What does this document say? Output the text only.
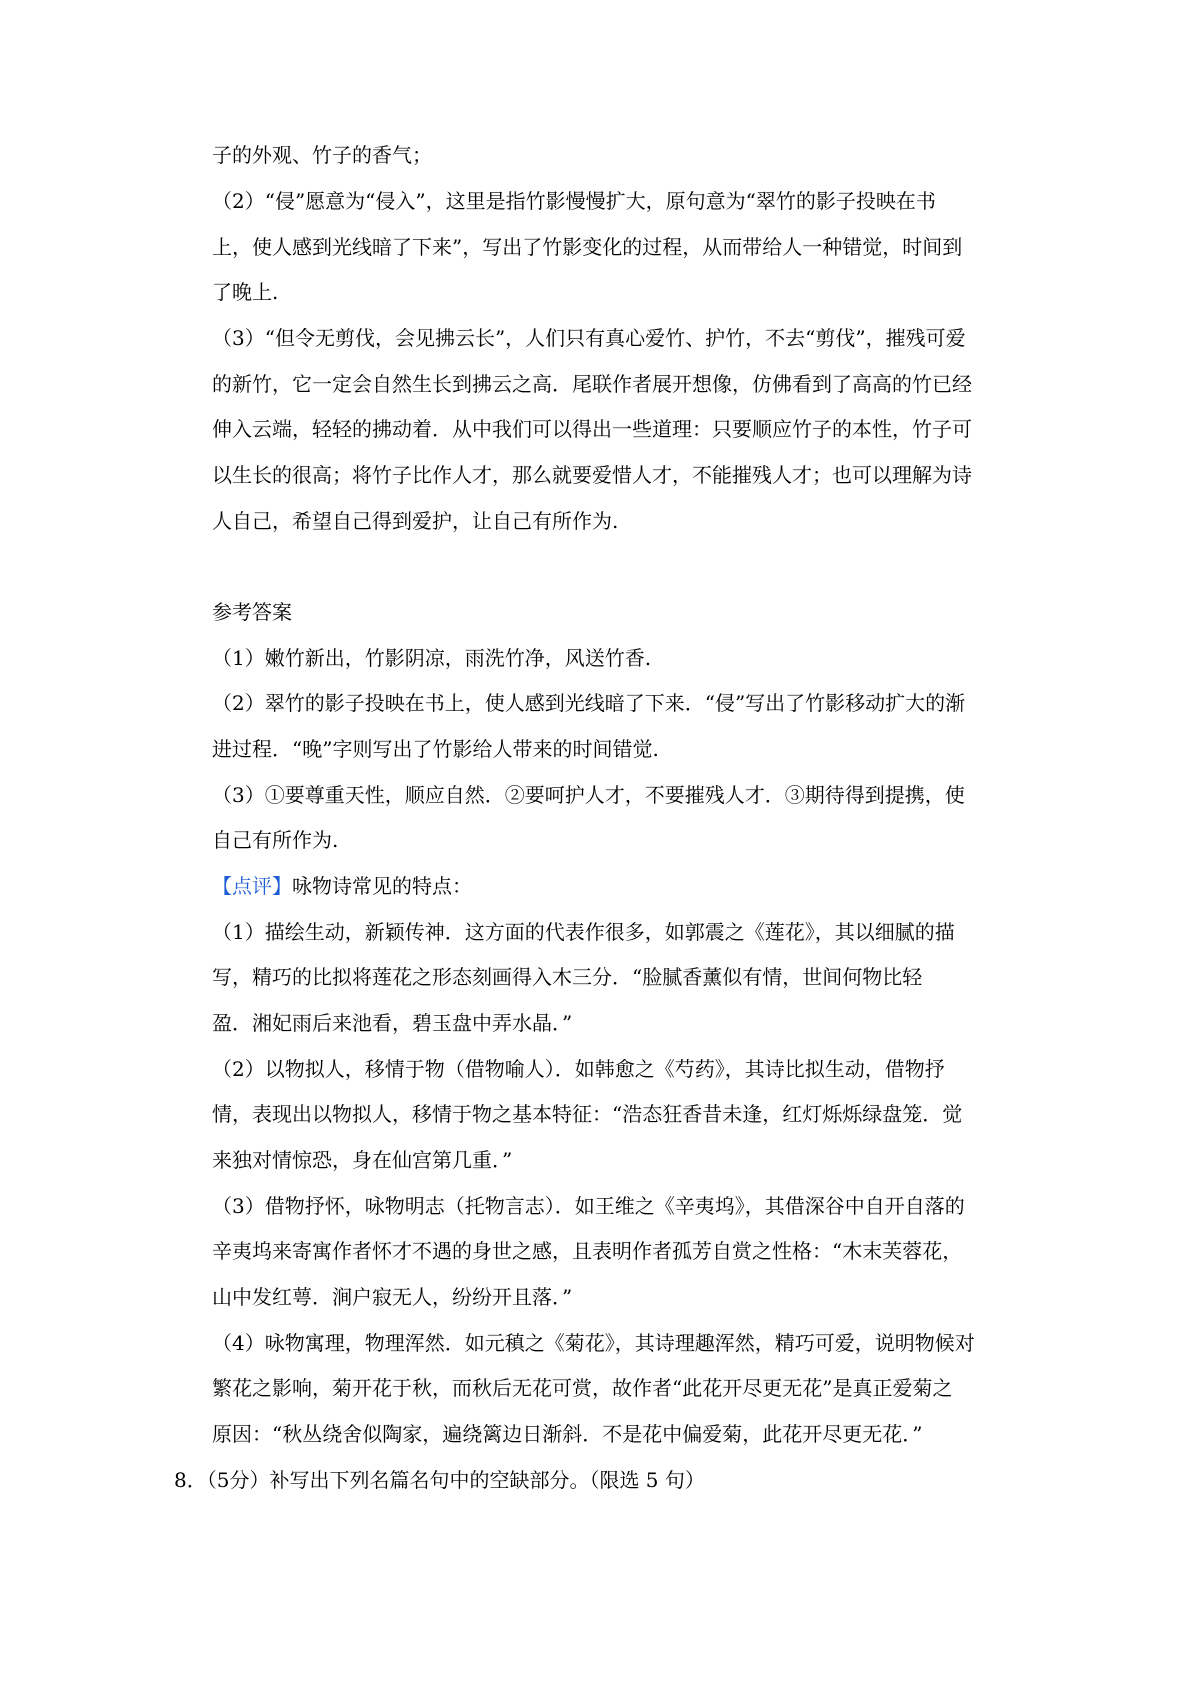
子的外观、竹子的香气；
（2）“侵”愿意为“侵入”，这里是指竹影慢慢扩大，原句意为“翠竹的影子投映在书
上，使人感到光线暗了下来”，写出了竹影变化的过程，从而带给人一种错觉，时间到
了晚上.
（3）“但令无剪伐，会见拂云长”，人们只有真心爱竹、护竹，不去“剪伐”，摧残可爱
的新竹，它一定会自然生长到拂云之高．尾联作者展开想像，仿佛看到了高高的竹已经
伸入云端，轻轻的拂动着．从中我们可以得出一些道理：只要顺应竹子的本性，竹子可
以生长的很高；将竹子比作人才，那么就要爱惜人才，不能摧残人才；也可以理解为诗
人自己，希望自己得到爱护，让自己有所作为.
参考答案
（1）嫩竹新出，竹影阴凉，雨洗竹净，风送竹香.
（2）翠竹的影子投映在书上，使人感到光线暗了下来．“侵”写出了竹影移动扩大的渐
进过程．“晚”字则写出了竹影给人带来的时间错觉.
（3）①要尊重天性，顺应自然．②要呵护人才，不要摧残人才．③期待得到提携，使
自己有所作为.
【点评】咏物诗常见的特点：
（1）描绘生动，新颖传神．这方面的代表作很多，如郭震之《莲花》，其以细腻的描
写，精巧的比拟将莲花之形态刻画得入木三分．“脸腻香薰似有情，世间何物比轻
盈．湘妃雨后来池看，碧玉盘中弄水晶．”
（2）以物拟人，移情于物（借物喻人）．如韩愈之《芍药》，其诗比拟生动，借物抒
情，表现出以物拟人，移情于物之基本特征：“浩态狂香昔未逢，红灯烁烁绿盘笼．觉
来独对情惊恐，身在仙宫第几重．”
（3）借物抒怀，咏物明志（托物言志）．如王维之《辛夷坞》，其借深谷中自开自落的
辛夷坞来寄寓作者怀才不遇的身世之感，且表明作者孤芳自赏之性格：“木末芙蓉花，
山中发红萼．涧户寂无人，纷纷开且落．”
（4）咏物寓理，物理浑然．如元稹之《菊花》，其诗理趣浑然，精巧可爱，说明物候对
繁花之影响，菊开花于秋，而秋后无花可赏，故作者“此花开尽更无花”是真正爱菊之
原因：“秋丛绕舍似陶家，遍绕篱边日渐斜．不是花中偏爱菊，此花开尽更无花．”
8．（5分）补写出下列名篇名句中的空缺部分。（限选 5 句）
